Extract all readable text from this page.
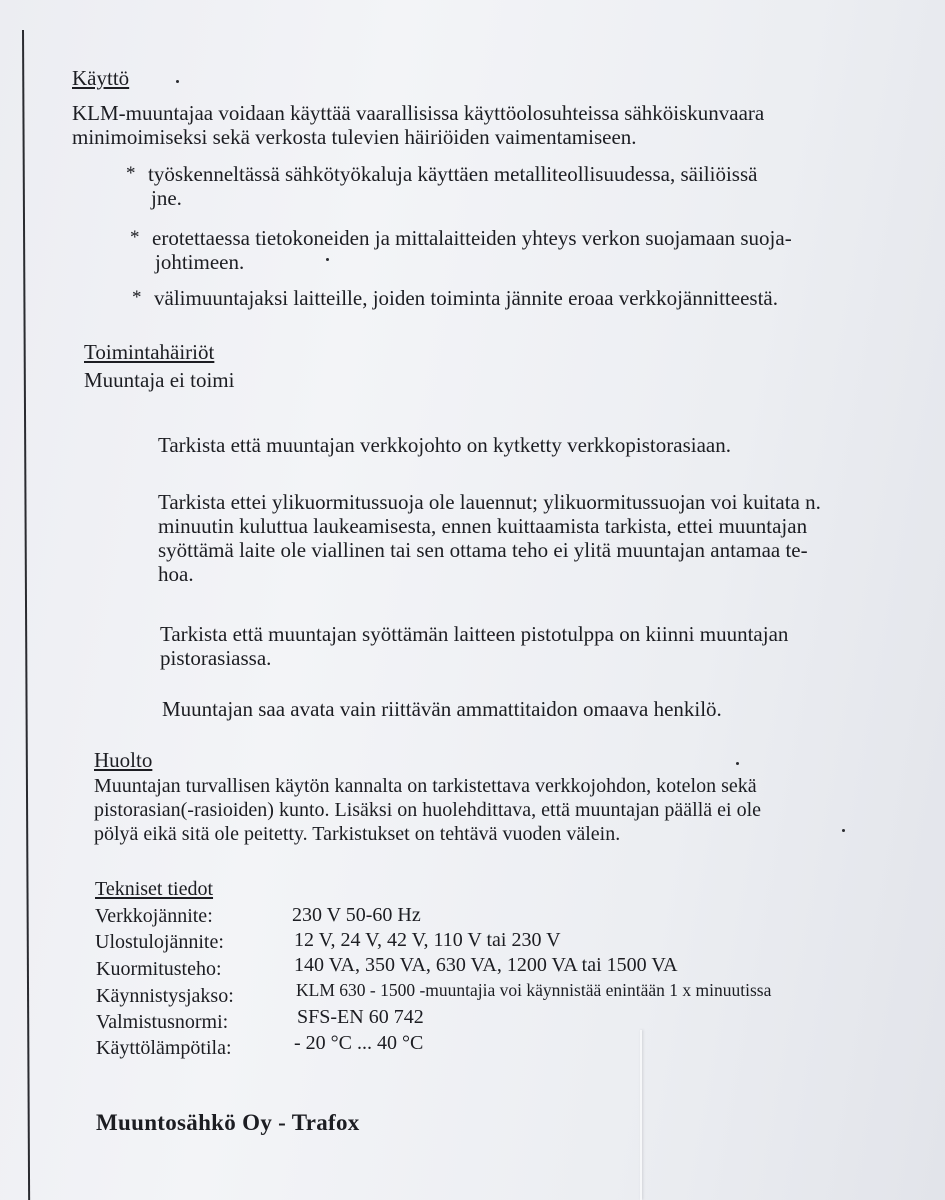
Käyttö
KLM-muuntajaa voidaan käyttää vaarallisissa käyttöolosuhteissa sähköiskunvaara
minimoimiseksi sekä verkosta tulevien häiriöiden vaimentamiseen.
* työskenneltässä sähkötyökaluja käyttäen metalliteollisuudessa, säiliöissä
jne.
* erotettaessa tietokoneiden ja mittalaitteiden yhteys verkon suojamaan suoja-
johtimeen.
* välimuuntajaksi laitteille, joiden toiminta jännite eroaa verkkojännitteestä.
Toimintahäiriöt
Muuntaja ei toimi
Tarkista että muuntajan verkkojohto on kytketty verkkopistorasiaan.
Tarkista ettei ylikuormitussuoja ole lauennut; ylikuormitussuojan voi kuitata n.
minuutin kuluttua laukeamisesta, ennen kuittaamista tarkista, ettei muuntajan
syöttämä laite ole viallinen tai sen ottama teho ei ylitä muuntajan antamaa te-
hoa.
Tarkista että muuntajan syöttämän laitteen pistotulppa on kiinni muuntajan
pistorasiassa.
Muuntajan saa avata vain riittävän ammattitaidon omaava henkilö.
Huolto
Muuntajan turvallisen käytön kannalta on tarkistettava verkkojohdon, kotelon sekä
pistorasian(-rasioiden) kunto. Lisäksi on huolehdittava, että muuntajan päällä ei ole
pölyä eikä sitä ole peitetty. Tarkistukset on tehtävä vuoden välein.
Tekniset tiedot
Verkkojännite:	230 V 50-60 Hz
Ulostulojännite:	12 V, 24 V, 42 V, 110 V tai 230 V
Kuormitusteho:	140 VA, 350 VA, 630 VA, 1200 VA tai 1500 VA
Käynnistysjakso:	KLM 630 - 1500 -muuntajia voi käynnistää enintään 1 x minuutissa
Valmistusnormi:	SFS-EN 60 742
Käyttölämpötila:	- 20 °C ... 40 °C
Muuntosähkö Oy - Trafox
